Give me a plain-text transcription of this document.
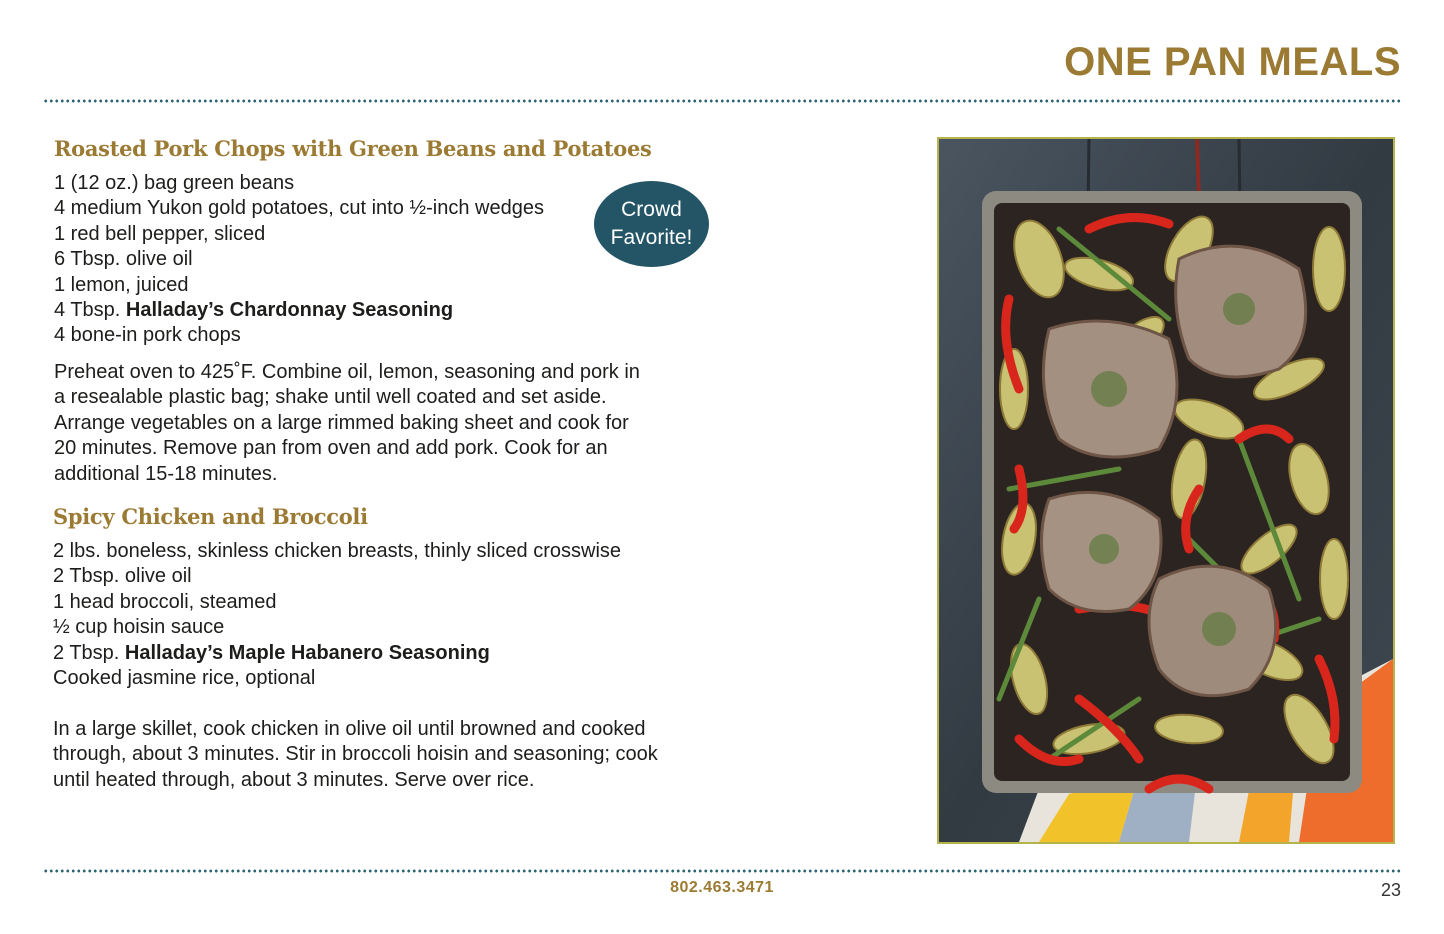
ONE PAN MEALS
Roasted Pork Chops with Green Beans and Potatoes
1 (12 oz.) bag green beans
4 medium Yukon gold potatoes, cut into ½-inch wedges
1 red bell pepper, sliced
6 Tbsp. olive oil
1 lemon, juiced
4 Tbsp. Halladay’s Chardonnay Seasoning
4 bone-in pork chops

Preheat oven to 425˚F. Combine oil, lemon, seasoning and pork in a resealable plastic bag; shake until well coated and set aside. Arrange vegetables on a large rimmed baking sheet and cook for 20 minutes. Remove pan from oven and add pork. Cook for an additional 15-18 minutes.

Crowd
Favorite!
Spicy Chicken and Broccoli
2 lbs. boneless, skinless chicken breasts, thinly sliced crosswise
2 Tbsp. olive oil
1 head broccoli, steamed
½ cup hoisin sauce
2 Tbsp. Halladay’s Maple Habanero Seasoning
Cooked jasmine rice, optional

In a large skillet, cook chicken in olive oil until browned and cooked through, about 3 minutes. Stir in broccoli hoisin and seasoning; cook until heated through, about 3 minutes. Serve over rice.

802.463.3471	23
